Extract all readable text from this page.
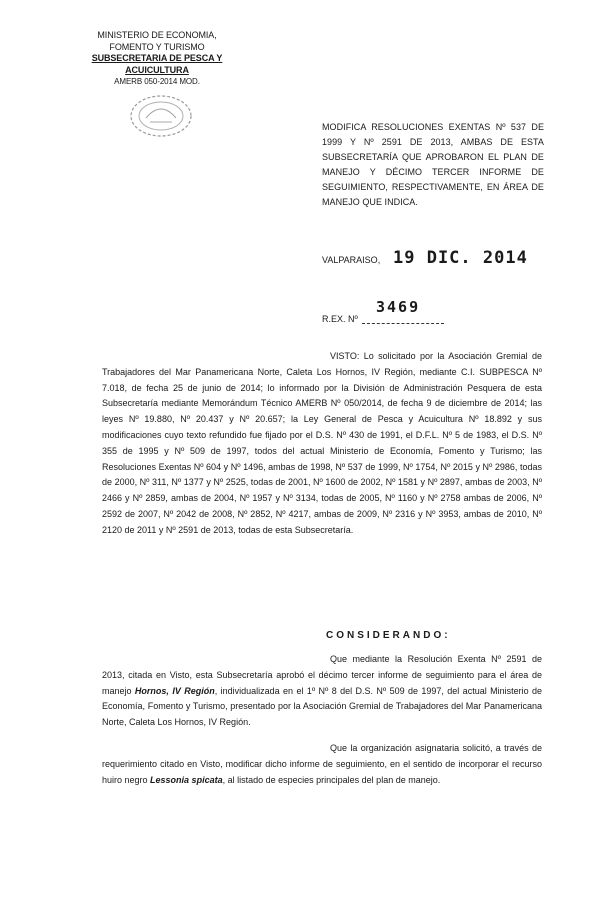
MINISTERIO DE ECONOMIA,
FOMENTO Y TURISMO
SUBSECRETARIA DE PESCA Y ACUICULTURA
AMERB 050-2014 MOD.
MODIFICA RESOLUCIONES EXENTAS Nº 537 DE 1999 Y Nº 2591 DE 2013, AMBAS DE ESTA SUBSECRETARÍA QUE APROBARON EL PLAN DE MANEJO Y DÉCIMO TERCER INFORME DE SEGUIMIENTO, RESPECTIVAMENTE, EN ÁREA DE MANEJO QUE INDICA.
VALPARAISO, 19 DIC. 2014
R.EX. Nº
3469
VISTO: Lo solicitado por la Asociación Gremial de Trabajadores del Mar Panamericana Norte, Caleta Los Hornos, IV Región, mediante C.I. SUBPESCA Nº 7.018, de fecha 25 de junio de 2014; lo informado por la División de Administración Pesquera de esta Subsecretaría mediante Memorándum Técnico AMERB Nº 050/2014, de fecha 9 de diciembre de 2014; las leyes Nº 19.880, Nº 20.437 y Nº 20.657; la Ley General de Pesca y Acuicultura Nº 18.892 y sus modificaciones cuyo texto refundido fue fijado por el D.S. Nº 430 de 1991, el D.F.L. Nº 5 de 1983, el D.S. Nº 355 de 1995 y Nº 509 de 1997, todos del actual Ministerio de Economía, Fomento y Turismo; las Resoluciones Exentas Nº 604 y Nº 1496, ambas de 1998, Nº 537 de 1999, Nº 1754, Nº 2015 y Nº 2986, todas de 2000, Nº 311, Nº 1377 y Nº 2525, todas de 2001, Nº 1600 de 2002, Nº 1581 y Nº 2897, ambas de 2003, Nº 2466 y Nº 2859, ambas de 2004, Nº 1957 y Nº 3134, todas de 2005, Nº 1160 y Nº 2758 ambas de 2006, Nº 2592 de 2007, Nº 2042 de 2008, Nº 2852, Nº 4217, ambas de 2009, Nº 2316 y Nº 3953, ambas de 2010, Nº 2120 de 2011 y Nº 2591 de 2013, todas de esta Subsecretaría.
CONSIDERANDO:
Que mediante la Resolución Exenta Nº 2591 de 2013, citada en Visto, esta Subsecretaría aprobó el décimo tercer informe de seguimiento para el área de manejo Hornos, IV Región, individualizada en el 1º Nº 8 del D.S. Nº 509 de 1997, del actual Ministerio de Economía, Fomento y Turismo, presentado por la Asociación Gremial de Trabajadores del Mar Panamericana Norte, Caleta Los Hornos, IV Región.
Que la organización asignataria solicitó, a través de requerimiento citado en Visto, modificar dicho informe de seguimiento, en el sentido de incorporar el recurso huiro negro Lessonia spicata, al listado de especies principales del plan de manejo.
